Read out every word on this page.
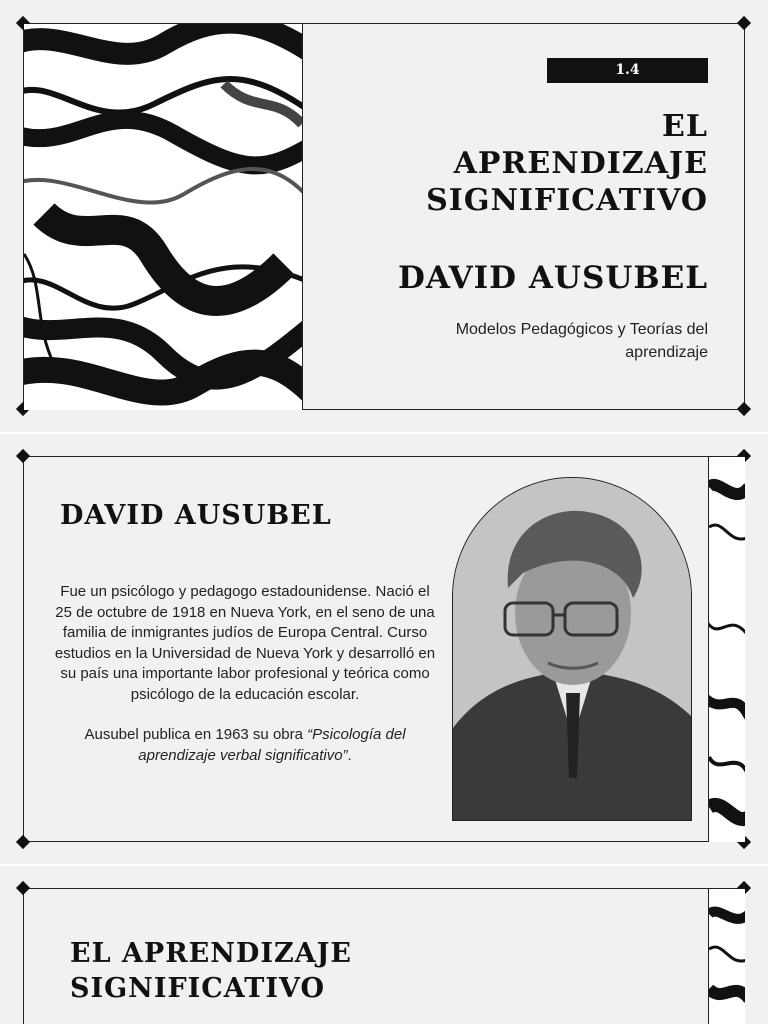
1.4
EL
APRENDIZAJE
SIGNIFICATIVO
DAVID AUSUBEL
Modelos Pedagógicos y Teorías del
aprendizaje
DAVID AUSUBEL

Fue un psicólogo y pedagogo estadounidense. Nació el 25 de octubre de 1918 en Nueva York, en el seno de una familia de inmigrantes judíos de Europa Central. Curso estudios en la Universidad de Nueva York y desarrolló en su país una importante labor profesional y teórica como psicólogo de la educación escolar.

Ausubel publica en 1963 su obra “Psicología del aprendizaje verbal significativo”.

EL APRENDIZAJE
SIGNIFICATIVO
